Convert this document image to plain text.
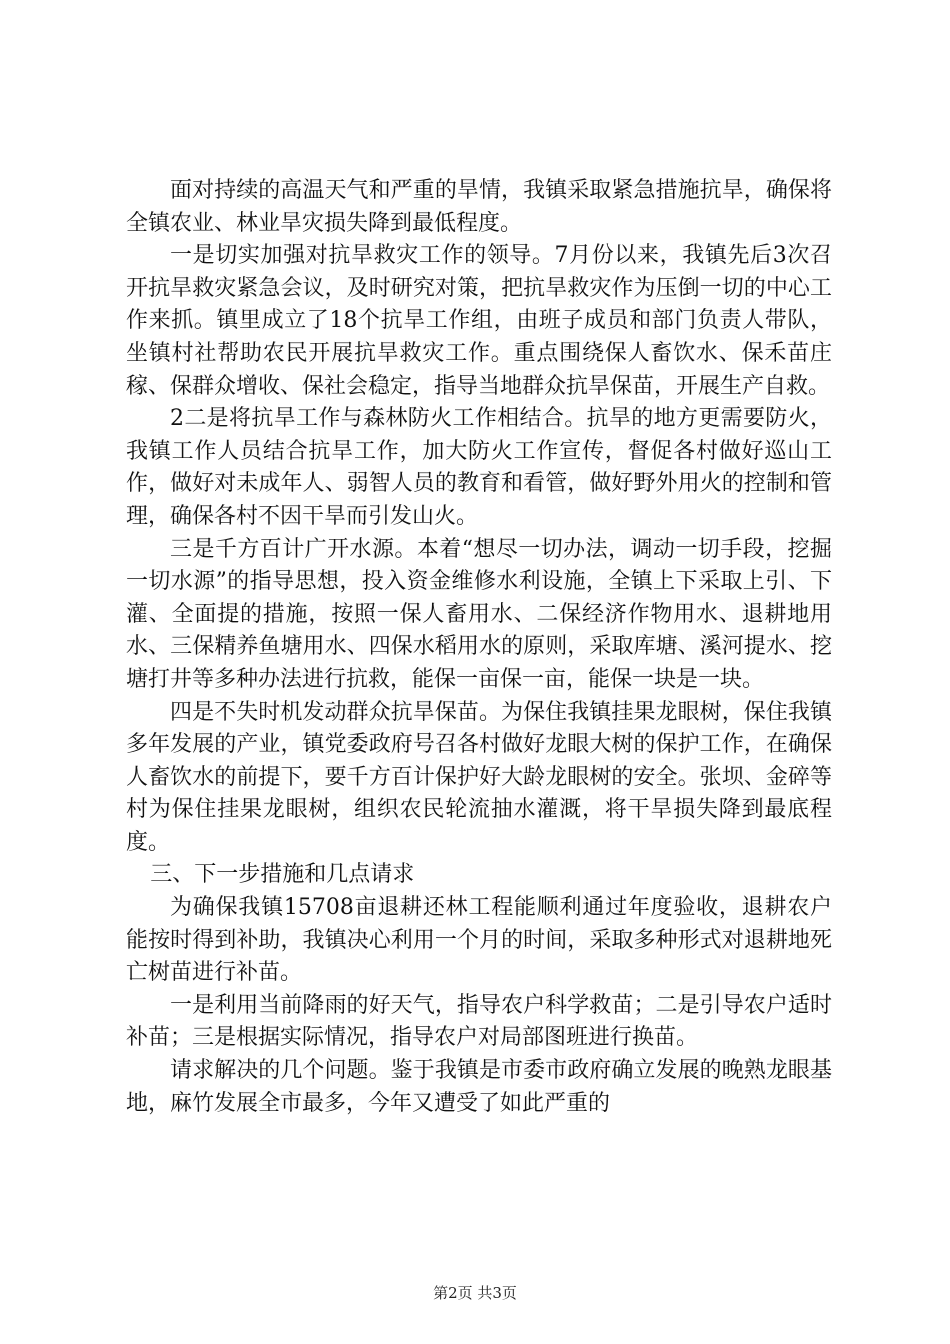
面对持续的高温天气和严重的旱情，我镇采取紧急措施抗旱，确保将全镇农业、林业旱灾损失降到最低程度。

一是切实加强对抗旱救灾工作的领导。7月份以来，我镇先后3次召开抗旱救灾紧急会议，及时研究对策，把抗旱救灾作为压倒一切的中心工作来抓。镇里成立了18个抗旱工作组，由班子成员和部门负责人带队，坐镇村社帮助农民开展抗旱救灾工作。重点围绕保人畜饮水、保禾苗庄稼、保群众增收、保社会稳定，指导当地群众抗旱保苗，开展生产自救。

2二是将抗旱工作与森林防火工作相结合。抗旱的地方更需要防火，我镇工作人员结合抗旱工作，加大防火工作宣传，督促各村做好巡山工作，做好对未成年人、弱智人员的教育和看管，做好野外用火的控制和管理，确保各村不因干旱而引发山火。

三是千方百计广开水源。本着“想尽一切办法，调动一切手段，挖掘一切水源”的指导思想，投入资金维修水利设施，全镇上下采取上引、下灌、全面提的措施，按照一保人畜用水、二保经济作物用水、退耕地用水、三保精养鱼塘用水、四保水稻用水的原则，采取库塘、溪河提水、挖塘打井等多种办法进行抗救，能保一亩保一亩，能保一块是一块。

四是不失时机发动群众抗旱保苗。为保住我镇挂果龙眼树，保住我镇多年发展的产业，镇党委政府号召各村做好龙眼大树的保护工作，在确保人畜饮水的前提下，要千方百计保护好大龄龙眼树的安全。张坝、金碎等村为保住挂果龙眼树，组织农民轮流抽水灌溉，将干旱损失降到最底程度。

三、下一步措施和几点请求

为确保我镇15708亩退耕还林工程能顺利通过年度验收，退耕农户能按时得到补助，我镇决心利用一个月的时间，采取多种形式对退耕地死亡树苗进行补苗。

一是利用当前降雨的好天气，指导农户科学救苗；二是引导农户适时补苗；三是根据实际情况，指导农户对局部图班进行换苗。

请求解决的几个问题。鉴于我镇是市委市政府确立发展的晚熟龙眼基地，麻竹发展全市最多，今年又遭受了如此严重的

第2页 共3页
